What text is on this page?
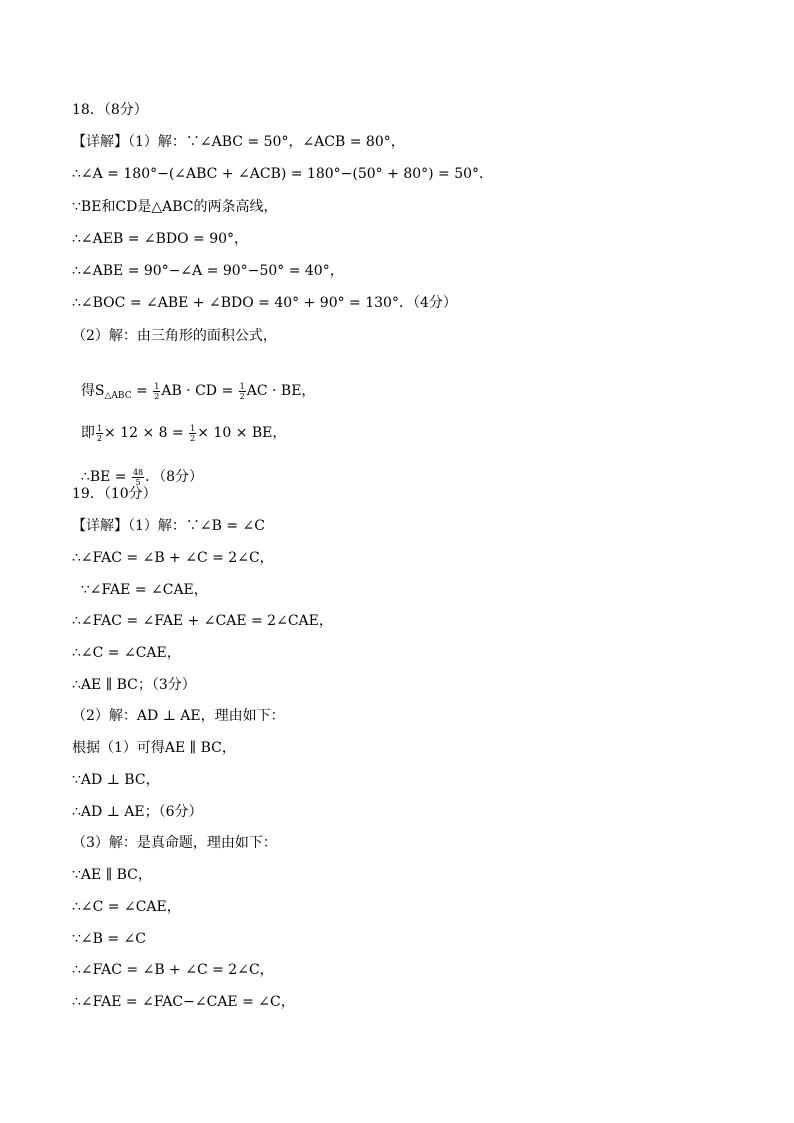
18．（8分）
【详解】（1）解：∵∠ABC = 50°，∠ACB = 80°，
∴∠A = 180°−(∠ABC + ∠ACB) = 180°−(50° + 80°) = 50°．
∵BE和CD是△ABC的两条高线，
∴∠AEB = ∠BDO = 90°，
∴∠ABE = 90°−∠A = 90°−50° = 40°，
∴∠BOC = ∠ABE + ∠BDO = 40° + 90° = 130°．（4分）
（2）解：由三角形的面积公式，

得$S_{\triangle ABC} = \frac{1}{2}$ AB · CD = $\frac{1}{2}$ AC · BE，

即 $\frac{1}{2} \times 12 \times 8 = \frac{1}{2} \times 10$ × BE，

∴BE = $\frac{48}{5}$ ．（8分）

19．（10分）
【详解】（1）解：∵∠B = ∠C
∴∠FAC = ∠B + ∠C = 2∠C，
∵∠FAE = ∠CAE，
∴∠FAC = ∠FAE + ∠CAE = 2∠CAE，
∴∠C = ∠CAE，
∴AE ∥ BC；（3分）
（2）解：AD ⊥ AE，理由如下：
根据（1）可得AE ∥ BC，
∵AD ⊥ BC，
∴AD ⊥ AE；（6分）
（3）解：是真命题，理由如下：
∵AE ∥ BC，
∴∠C = ∠CAE，
∵∠B = ∠C
∴∠FAC = ∠B + ∠C = 2∠C，
∴∠FAE = ∠FAC−∠CAE = ∠C，
